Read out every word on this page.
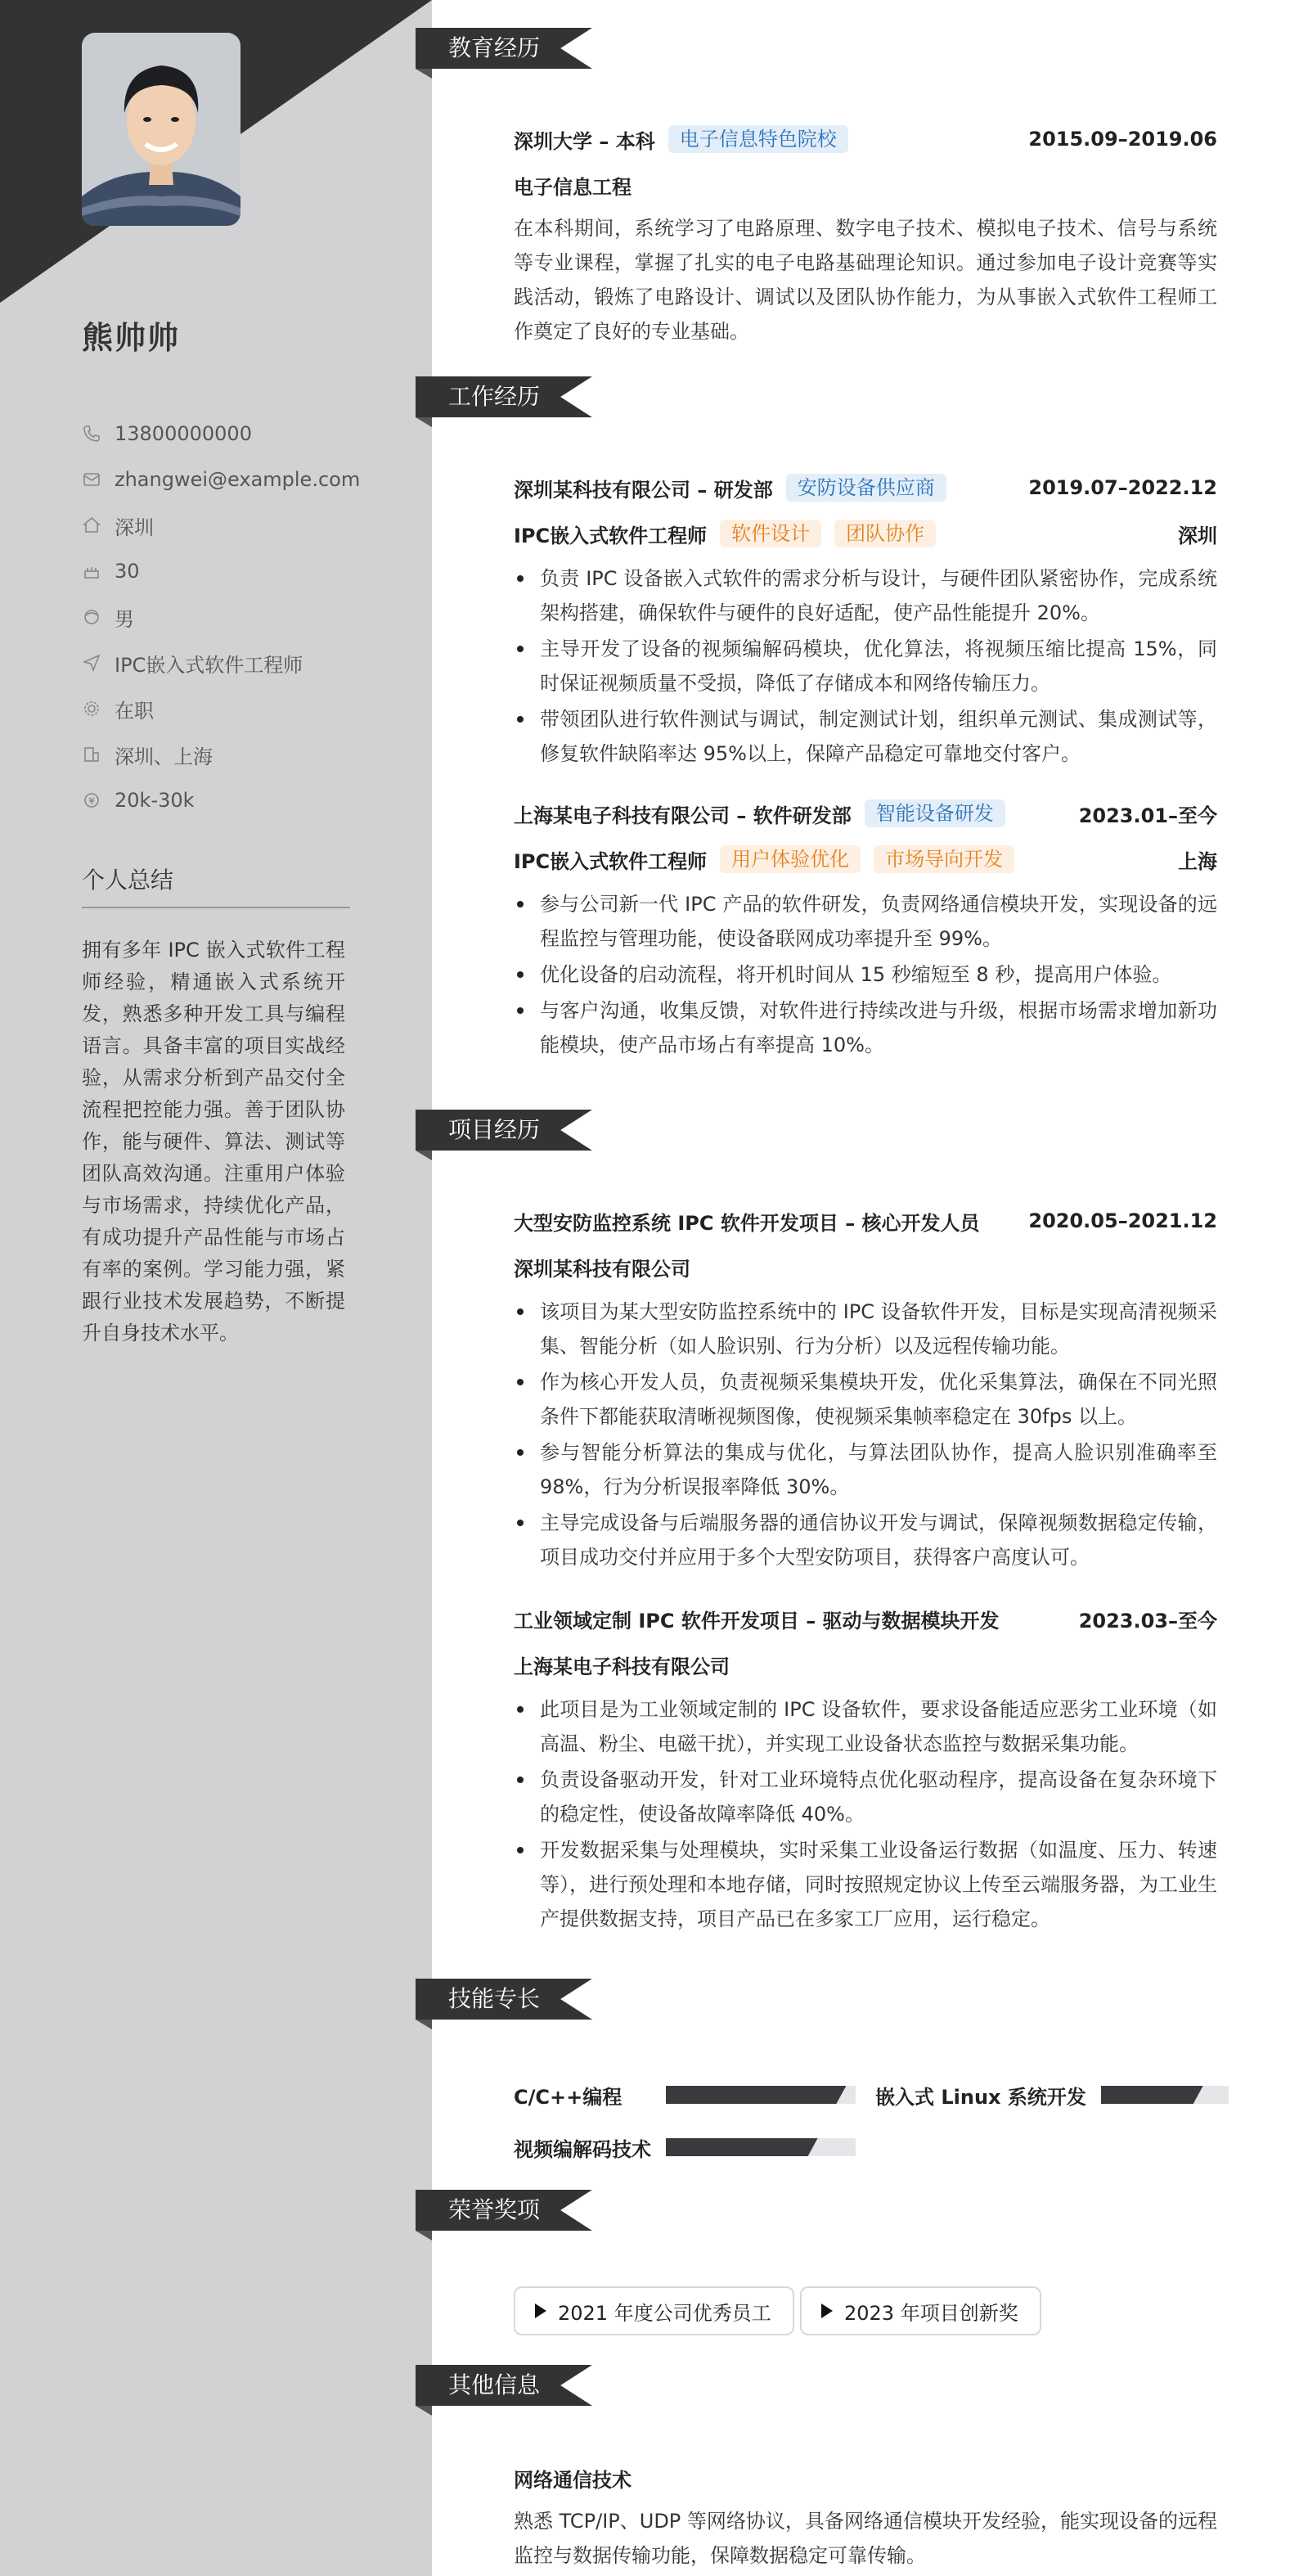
熊帅帅
13800000000
zhangwei@example.com
深圳
30
男
IPC嵌入式软件工程师
在职
深圳、上海
20k-30k
个人总结
拥有多年 IPC 嵌入式软件工程师经验，精通嵌入式系统开发，熟悉多种开发工具与编程语言。具备丰富的项目实战经验，从需求分析到产品交付全流程把控能力强。善于团队协作，能与硬件、算法、测试等团队高效沟通。注重用户体验与市场需求，持续优化产品，有成功提升产品性能与市场占有率的案例。学习能力强，紧跟行业技术发展趋势，不断提升自身技术水平。
教育经历
深圳大学 – 本科	电子信息特色院校	2015.09–2019.06
电子信息工程

在本科期间，系统学习了电路原理、数字电子技术、模拟电子技术、信号与系统等专业课程，掌握了扎实的电子电路基础理论知识。通过参加电子设计竞赛等实践活动，锻炼了电路设计、调试以及团队协作能力，为从事嵌入式软件工程师工作奠定了良好的专业基础。

工作经历
深圳某科技有限公司 – 研发部	安防设备供应商	2019.07–2022.12
IPC嵌入式软件工程师	软件设计	团队协作	深圳
负责 IPC 设备嵌入式软件的需求分析与设计，与硬件团队紧密协作，完成系统架构搭建，确保软件与硬件的良好适配，使产品性能提升 20%。
主导开发了设备的视频编解码模块，优化算法，将视频压缩比提高 15%，同时保证视频质量不受损，降低了存储成本和网络传输压力。
带领团队进行软件测试与调试，制定测试计划，组织单元测试、集成测试等，修复软件缺陷率达 95%以上，保障产品稳定可靠地交付客户。
上海某电子科技有限公司 – 软件研发部	智能设备研发	2023.01–至今
IPC嵌入式软件工程师	用户体验优化	市场导向开发	上海
参与公司新一代 IPC 产品的软件研发，负责网络通信模块开发，实现设备的远程监控与管理功能，使设备联网成功率提升至 99%。
优化设备的启动流程，将开机时间从 15 秒缩短至 8 秒，提高用户体验。
与客户沟通，收集反馈，对软件进行持续改进与升级，根据市场需求增加新功能模块，使产品市场占有率提高 10%。
项目经历
大型安防监控系统 IPC 软件开发项目 – 核心开发人员 2020.05–2021.12
深圳某科技有限公司
该项目为某大型安防监控系统中的 IPC 设备软件开发，目标是实现高清视频采集、智能分析（如人脸识别、行为分析）以及远程传输功能。
作为核心开发人员，负责视频采集模块开发，优化采集算法，确保在不同光照条件下都能获取清晰视频图像，使视频采集帧率稳定在 30fps 以上。
参与智能分析算法的集成与优化，与算法团队协作，提高人脸识别准确率至 98%，行为分析误报率降低 30%。
主导完成设备与后端服务器的通信协议开发与调试，保障视频数据稳定传输，项目成功交付并应用于多个大型安防项目，获得客户高度认可。
工业领域定制 IPC 软件开发项目 – 驱动与数据模块开发	2023.03–至今
上海某电子科技有限公司
此项目是为工业领域定制的 IPC 设备软件，要求设备能适应恶劣工业环境（如高温、粉尘、电磁干扰），并实现工业设备状态监控与数据采集功能。
负责设备驱动开发，针对工业环境特点优化驱动程序，提高设备在复杂环境下的稳定性，使设备故障率降低 40%。
开发数据采集与处理模块，实时采集工业设备运行数据（如温度、压力、转速等），进行预处理和本地存储，同时按照规定协议上传至云端服务器，为工业生产提供数据支持，项目产品已在多家工厂应用，运行稳定。
技能专长
C/C++编程	嵌入式 Linux 系统开发
视频编解码技术
荣誉奖项
2021 年度公司优秀员工	2023 年项目创新奖
其他信息
网络通信技术

熟悉 TCP/IP、UDP 等网络协议，具备网络通信模块开发经验，能实现设备的远程监控与数据传输功能，保障数据稳定可靠传输。
